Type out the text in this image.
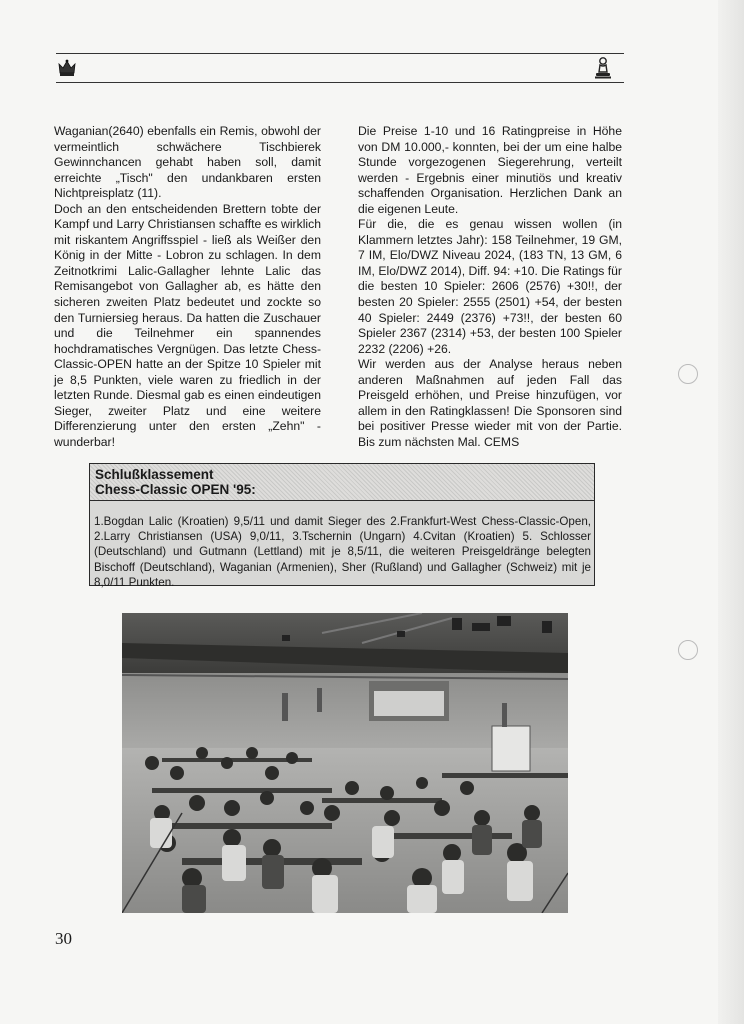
Waganian(2640) ebenfalls ein Remis, obwohl der vermeintlich schwächere Tischbierek Gewinnchancen gehabt haben soll, damit erreichte „Tisch" den undankbaren ersten Nichtpreisplatz (11).

Doch an den entscheidenden Brettern tobte der Kampf und Larry Christiansen schaffte es wirklich mit riskantem Angriffsspiel - ließ als Weißer den König in der Mitte - Lobron zu schlagen. In dem Zeitnotkrimi Lalic-Gallagher lehnte Lalic das Remisangebot von Gallagher ab, es hätte den sicheren zweiten Platz bedeutet und zockte so den Turniersieg heraus. Da hatten die Zuschauer und die Teilnehmer ein spannendes hochdramatisches Vergnügen. Das letzte Chess-Classic-OPEN hatte an der Spitze 10 Spieler mit je 8,5 Punkten, viele waren zu friedlich in der letzten Runde. Diesmal gab es einen eindeutigen Sieger, zweiter Platz und eine weitere Differenzierung unter den ersten „Zehn" - wunderbar!

Die Preise 1-10 und 16 Ratingpreise in Höhe von DM 10.000,- konnten, bei der um eine halbe Stunde vorgezogenen Siegerehrung, verteilt werden - Ergebnis einer minutiös und kreativ schaffenden Organisation. Herzlichen Dank an die eigenen Leute.

Für die, die es genau wissen wollen (in Klammern letztes Jahr): 158 Teilnehmer, 19 GM, 7 IM, Elo/DWZ Niveau 2024, (183 TN, 13 GM, 6 IM, Elo/DWZ 2014), Diff. 94: +10. Die Ratings für die besten 10 Spieler: 2606 (2576) +30!!, der besten 20 Spieler: 2555 (2501) +54, der besten 40 Spieler: 2449 (2376) +73!!, der besten 60 Spieler 2367 (2314) +53, der besten 100 Spieler 2232 (2206) +26.

Wir werden aus der Analyse heraus neben anderen Maßnahmen auf jeden Fall das Preisgeld erhöhen, und Preise hinzufügen, vor allem in den Ratingklassen! Die Sponsoren sind bei positiver Presse wieder mit von der Partie. Bis zum nächsten Mal. CEMS

Schlußklassement
Chess-Classic OPEN '95:
1.Bogdan Lalic (Kroatien) 9,5/11 und damit Sieger des 2.Frankfurt-West Chess-Classic-Open, 2.Larry Christiansen (USA) 9,0/11, 3.Tschernin (Ungarn) 4.Cvitan (Kroatien) 5. Schlosser (Deutschland) und Gutmann (Lettland) mit je 8,5/11, die weiteren Preisgeldränge belegten Bischoff (Deutschland), Waganian (Armenien), Sher (Rußland) und Gallagher (Schweiz) mit je 8,0/11 Punkten.
30
